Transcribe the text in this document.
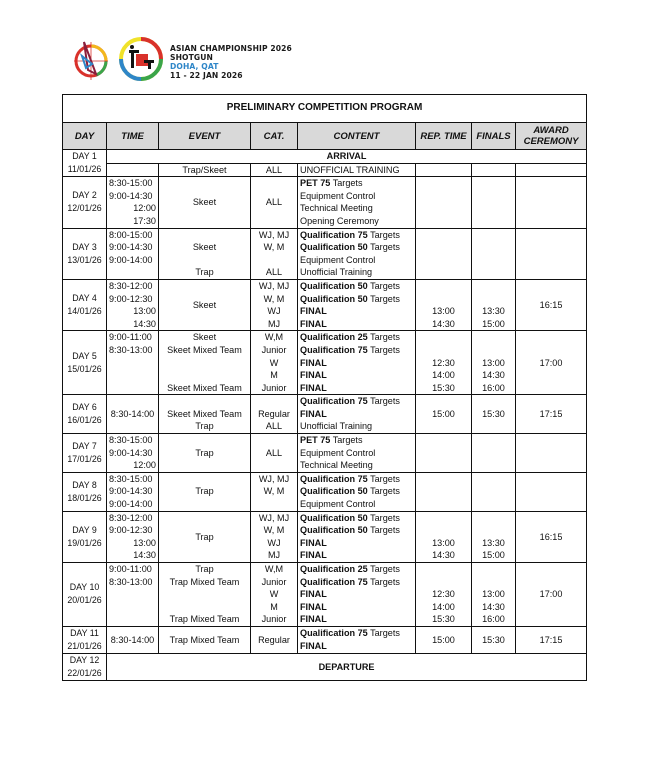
ASIAN CHAMPIONSHIP 2026
SHOTGUN
DOHA, QAT
11 - 22 JAN 2026
PRELIMINARY COMPETITION PROGRAM							
DAY	TIME	EVENT	CAT.	CONTENT	REP. TIME	FINALS	AWARD CEREMONY

DAY 1
11/01/26	ARRIVAL						
		Trap/Skeet	ALL	UNOFFICIAL TRAINING			

DAY 2
12/01/26	8:30-15:00	Skeet	ALL	PET 75 Targets			
	9:00-14:30			Equipment Control			
	12:00			Technical Meeting			
	17:30			Opening Ceremony			

DAY 3
13/01/26	8:00-15:00		WJ, MJ	Qualification 75 Targets			
	9:00-14:30	Skeet	W, M	Qualification 50 Targets			
	9:00-14:00			Equipment Control			
		Trap	ALL	Unofficial Training			

DAY 4
14/01/26	8:30-12:00	Skeet	WJ, MJ	Qualification 50 Targets			16:15
	9:00-12:30		W, M	Qualification 50 Targets			
	13:00		WJ	FINAL	13:00	13:30	
	14:30		MJ	FINAL	14:30	15:00	

DAY 5
15/01/26	9:00-11:00	Skeet	W,M	Qualification 25 Targets			17:00
	8:30-13:00	Skeet Mixed Team	Junior	Qualification 75 Targets			
			W	FINAL	12:30	13:00	
			M	FINAL	14:00	14:30	
		Skeet Mixed Team	Junior	FINAL	15:30	16:00	

DAY 6
16/01/26	8:30-14:00			Qualification 75 Targets	15:00	15:30	17:15
		Skeet Mixed Team	Regular	FINAL			
		Trap	ALL	Unofficial Training			

DAY 7
17/01/26	8:30-15:00	Trap	ALL	PET 75 Targets			
	9:00-14:30			Equipment Control			
	12:00			Technical Meeting			

DAY 8
18/01/26	8:30-15:00	Trap	WJ, MJ	Qualification 75 Targets			
	9:00-14:30		W, M	Qualification 50 Targets			
	9:00-14:00			Equipment Control			

DAY 9
19/01/26	8:30-12:00	Trap	WJ, MJ	Qualification 50 Targets			16:15
	9:00-12:30		W, M	Qualification 50 Targets			
	13:00		WJ	FINAL	13:00	13:30	
	14:30		MJ	FINAL	14:30	15:00	

DAY 10
20/01/26	9:00-11:00	Trap	W,M	Qualification 25 Targets			17:00
	8:30-13:00	Trap Mixed Team	Junior	Qualification 75 Targets			
			W	FINAL	12:30	13:00	
			M	FINAL	14:00	14:30	
		Trap Mixed Team	Junior	FINAL	15:30	16:00	

DAY 11
21/01/26	8:30-14:00	Trap Mixed Team	Regular	Qualification 75 Targets	15:00	15:30	17:15
				FINAL			

DAY 12
22/01/26	DEPARTURE						
